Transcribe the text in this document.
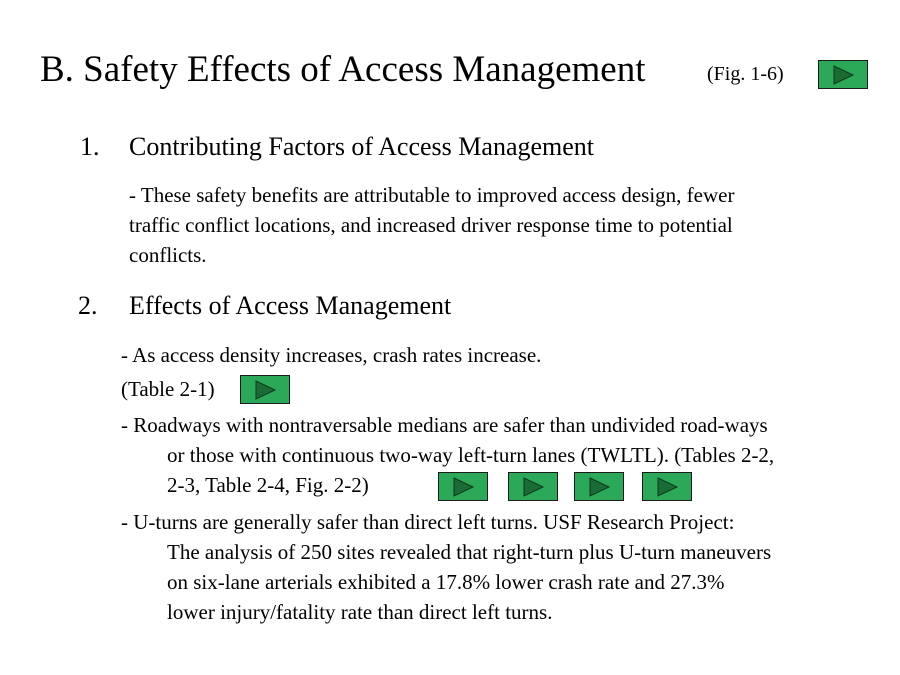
B. Safety Effects of Access Management	(Fig. 1-6)
1. Contributing Factors of Access Management
- These safety benefits are attributable to improved access design, fewer
traffic conflict locations, and increased driver response time to potential
conflicts.
2. Effects of Access Management
- As access density increases, crash rates increase.
(Table 2-1)
- Roadways with nontraversable medians are safer than undivided road-ways
or those with continuous two-way left-turn lanes (TWLTL). (Tables 2-2,
2-3, Table 2-4, Fig. 2-2)
- U-turns are generally safer than direct left turns. USF Research Project:
The analysis of 250 sites revealed that right-turn plus U-turn maneuvers
on six-lane arterials exhibited a 17.8% lower crash rate and 27.3%
lower injury/fatality rate than direct left turns.
